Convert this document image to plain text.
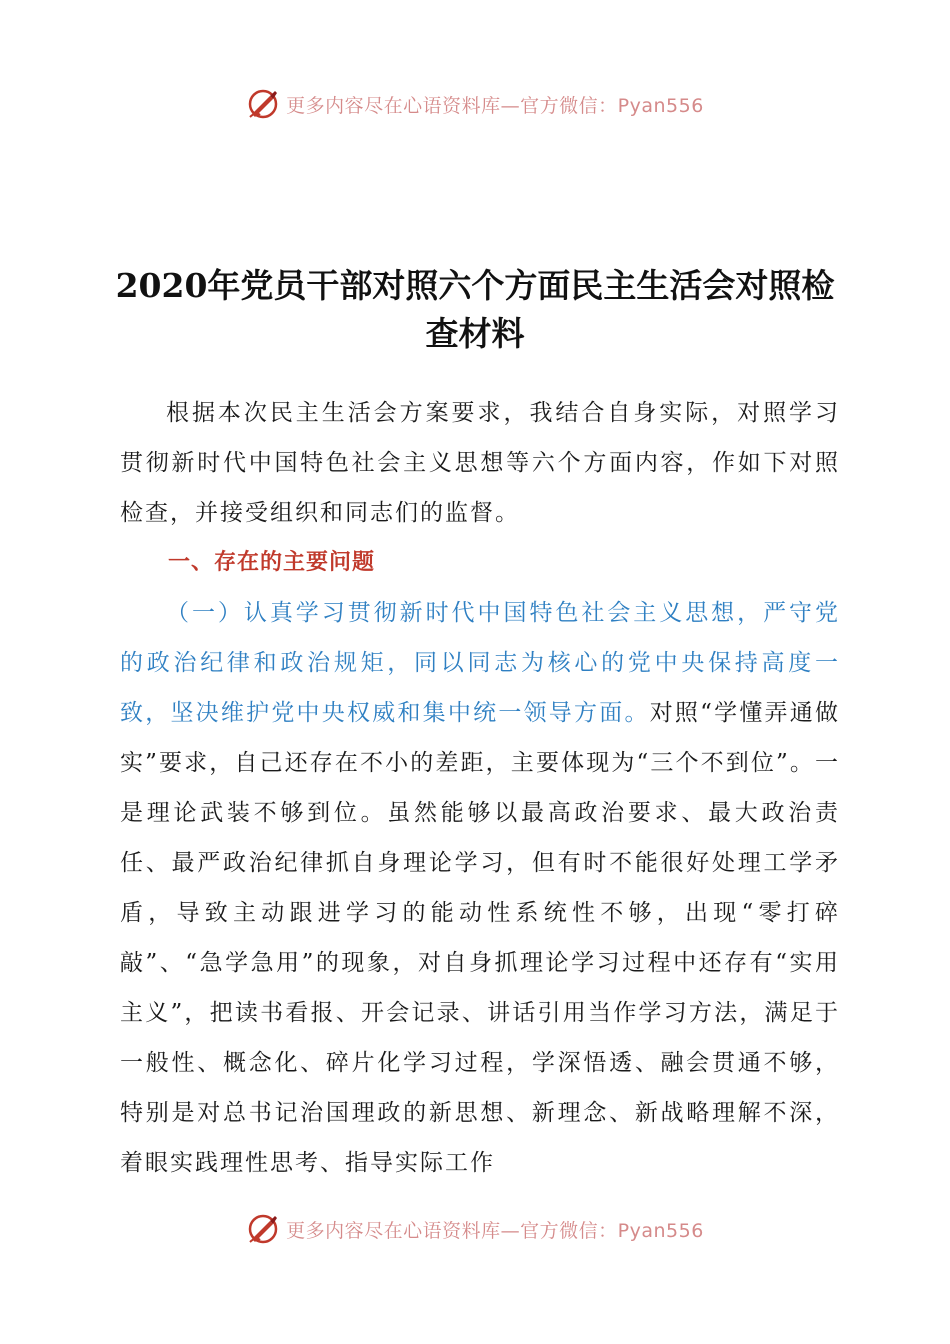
更多内容尽在心语资料库—官方微信：Pyan556
2020年党员干部对照六个方面民主生活会对照检查材料

根据本次民主生活会方案要求，我结合自身实际，对照学习贯彻新时代中国特色社会主义思想等六个方面内容，作如下对照检查，并接受组织和同志们的监督。

一、存在的主要问题

（一）认真学习贯彻新时代中国特色社会主义思想，严守党的政治纪律和政治规矩，同以同志为核心的党中央保持高度一致，坚决维护党中央权威和集中统一领导方面。对照“学懂弄通做实”要求，自己还存在不小的差距，主要体现为“三个不到位”。一是理论武装不够到位。虽然能够以最高政治要求、最大政治责任、最严政治纪律抓自身理论学习，但有时不能很好处理工学矛盾，导致主动跟进学习的能动性系统性不够，出现“零打碎敲”、“急学急用”的现象，对自身抓理论学习过程中还存有“实用主义”，把读书看报、开会记录、讲话引用当作学习方法，满足于一般性、概念化、碎片化学习过程，学深悟透、融会贯通不够，特别是对总书记治国理政的新思想、新理念、新战略理解不深，着眼实践理性思考、指导实际工作

更多内容尽在心语资料库—官方微信：Pyan556
